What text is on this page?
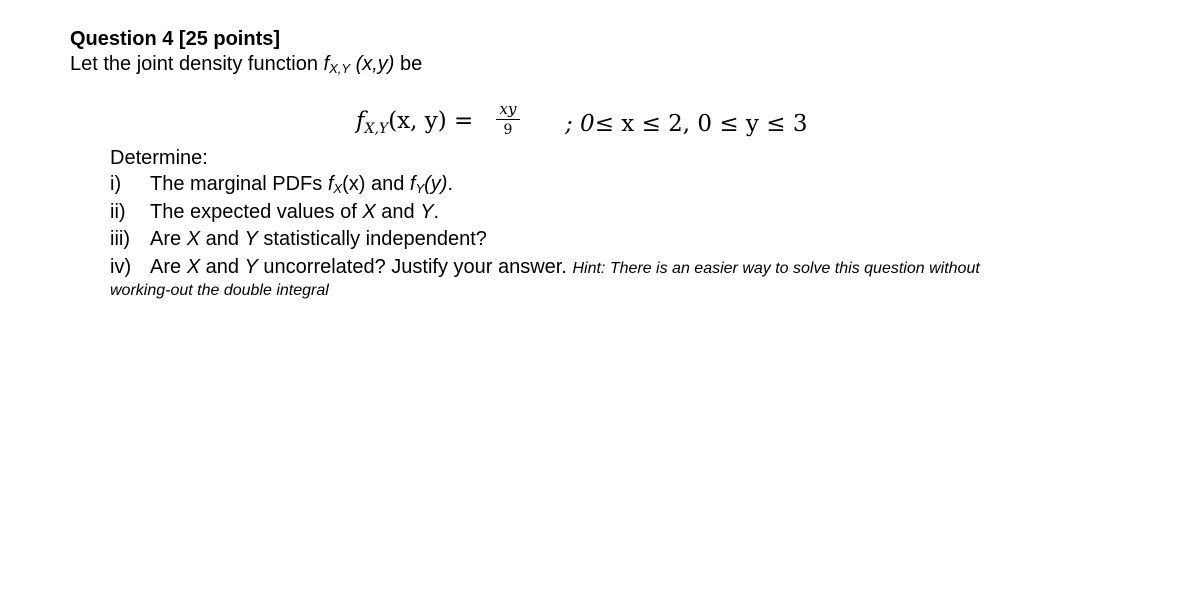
Question 4 [25 points]
Let the joint density function fX,Y (x,y) be
$f_{X,Y}(x$, y) = xy
9	; 0≤ x ≤ 2, 0 ≤ y ≤ 3
Determine:
i) The marginal PDFs fX(x) and fY(y).
ii) The expected values of X and Y.
iii) Are X and Y statistically independent?
iv) Are X and Y uncorrelated? Justify your answer. Hint: There is an easier way to solve this question without
working-out the double integral
